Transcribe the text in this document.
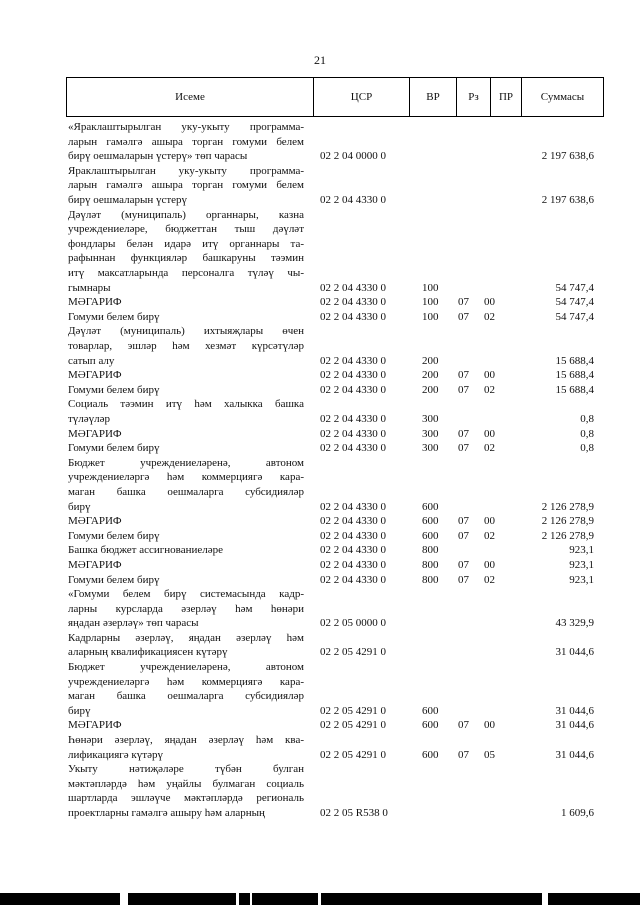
21
Исеме	ЦСР	ВР	Рз	ПР	Суммасы
«Яраклаштырылган уку-укыту программа-
ларын гамәлгә ашыра торган гомуми белем
бирү оешмаларын үстерү» төп чарасы	02 2 04 0000 0	2 197 638,6
Яраклаштырылган уку-укыту программа-
ларын гамәлгә ашыра торган гомуми белем
бирү оешмаларын үстерү	02 2 04 4330 0	2 197 638,6
Дәүләт (муниципаль) органнары, казна
учреждениеләре, бюджеттан тыш дәүләт
фондлары белән идарә итү органнары та-
рафыннан функцияләр башкаруны тәэмин
итү максатларында персоналга түләү чы-
гымнары	02 2 04 4330 0	100	54 747,4
МӘГАРИФ	02 2 04 4330 0	100 07 00	54 747,4
Гомуми белем бирү	02 2 04 4330 0	100 07 02	54 747,4
Дәүләт (муниципаль) ихтыяҗлары өчен
товарлар, эшләр һәм хезмәт күрсәтүләр
сатып алу	02 2 04 4330 0	200	15 688,4
МӘГАРИФ	02 2 04 4330 0	200 07 00	15 688,4
Гомуми белем бирү	02 2 04 4330 0	200 07 02	15 688,4
Социаль тәэмин итү һәм халыкка башка
түләүләр	02 2 04 4330 0	300	0,8
МӘГАРИФ	02 2 04 4330 0	300 07 00	0,8
Гомуми белем бирү	02 2 04 4330 0	300 07 02	0,8
Бюджет учреждениеләренә, автоном
учреждениеләргә һәм коммерциягә кара-
маган башка оешмаларга субсидияләр
бирү	02 2 04 4330 0	600	2 126 278,9
МӘГАРИФ	02 2 04 4330 0	600 07 00	2 126 278,9
Гомуми белем бирү	02 2 04 4330 0	600 07 02	2 126 278,9
Башка бюджет ассигнованиеләре	02 2 04 4330 0	800	923,1
МӘГАРИФ	02 2 04 4330 0	800 07 00	923,1
Гомуми белем бирү	02 2 04 4330 0	800 07 02	923,1
«Гомуми белем бирү системасында кадр-
ларны курсларда әзерләү һәм һөнәри
яңадан әзерләү» төп чарасы	02 2 05 0000 0	43 329,9
Кадрларны әзерләү, яңадан әзерләү һәм
аларның квалификациясен күтәрү	02 2 05 4291 0	31 044,6
Бюджет учреждениеләренә, автоном
учреждениеләргә һәм коммерциягә кара-
маган башка оешмаларга субсидияләр
бирү	02 2 05 4291 0	600	31 044,6
МӘГАРИФ	02 2 05 4291 0	600 07 00	31 044,6
Һөнәри әзерләү, яңадан әзерләү һәм ква-
лификациягә күтәрү	02 2 05 4291 0	600 07 05	31 044,6
Укыту нәтиҗәләре түбән булган
мәктәпләрдә һәм уңайлы булмаган социаль
шартларда эшләүче мәктәпләрдә региональ
проектларны гамәлгә ашыру һәм аларның	02 2 05 R538 0	1 609,6
